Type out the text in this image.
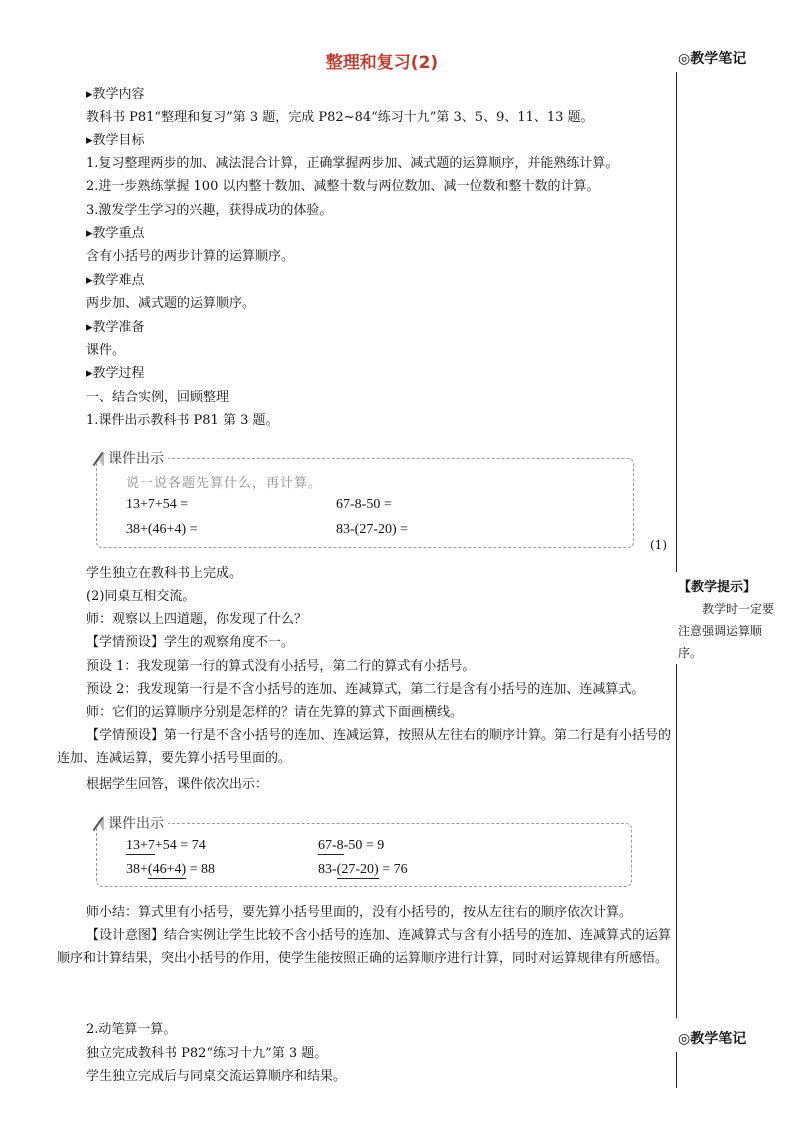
整理和复习(2)	◎教学笔记
【教学提示】
教学时一定要注意强调运算顺序。
◎教学笔记
▸教学内容
教科书 P81“整理和复习”第 3 题，完成 P82~84“练习十九”第 3、5、9、11、13 题。
▸教学目标
1.复习整理两步的加、减法混合计算，正确掌握两步加、减式题的运算顺序，并能熟练计算。
2.进一步熟练掌握 100 以内整十数加、减整十数与两位数加、减一位数和整十数的计算。
3.激发学生学习的兴趣，获得成功的体验。
▸教学重点
含有小括号的两步计算的运算顺序。
▸教学难点
两步加、减式题的运算顺序。
▸教学准备
课件。
▸教学过程
一、结合实例，回顾整理
1.课件出示教科书 P81 第 3 题。
课件出示
说一说各题先算什么，再计算。
13+7+54 =	67-8-50 =
38+(46+4) =	83-(27-20) =
(1)
学生独立在教科书上完成。
(2)同桌互相交流。
师：观察以上四道题，你发现了什么？
【学情预设】学生的观察角度不一。
预设 1：我发现第一行的算式没有小括号，第二行的算式有小括号。
预设 2：我发现第一行是不含小括号的连加、连减算式，第二行是含有小括号的连加、连减算式。
师：它们的运算顺序分别是怎样的？请在先算的算式下面画横线。
【学情预设】第一行是不含小括号的连加、连减运算，按照从左往右的顺序计算。第二行是有小括号的连加、连减运算，要先算小括号里面的。
根据学生回答，课件依次出示：
课件出示
13+7+54 = 74	67-8-50 = 9
38+(46+4) = 88	83-(27-20) = 76
师小结：算式里有小括号，要先算小括号里面的，没有小括号的，按从左往右的顺序依次计算。
【设计意图】结合实例让学生比较不含小括号的连加、连减算式与含有小括号的连加、连减算式的运算顺序和计算结果，突出小括号的作用，使学生能按照正确的运算顺序进行计算，同时对运算规律有所感悟。
2.动笔算一算。
独立完成教科书 P82“练习十九”第 3 题。
学生独立完成后与同桌交流运算顺序和结果。
